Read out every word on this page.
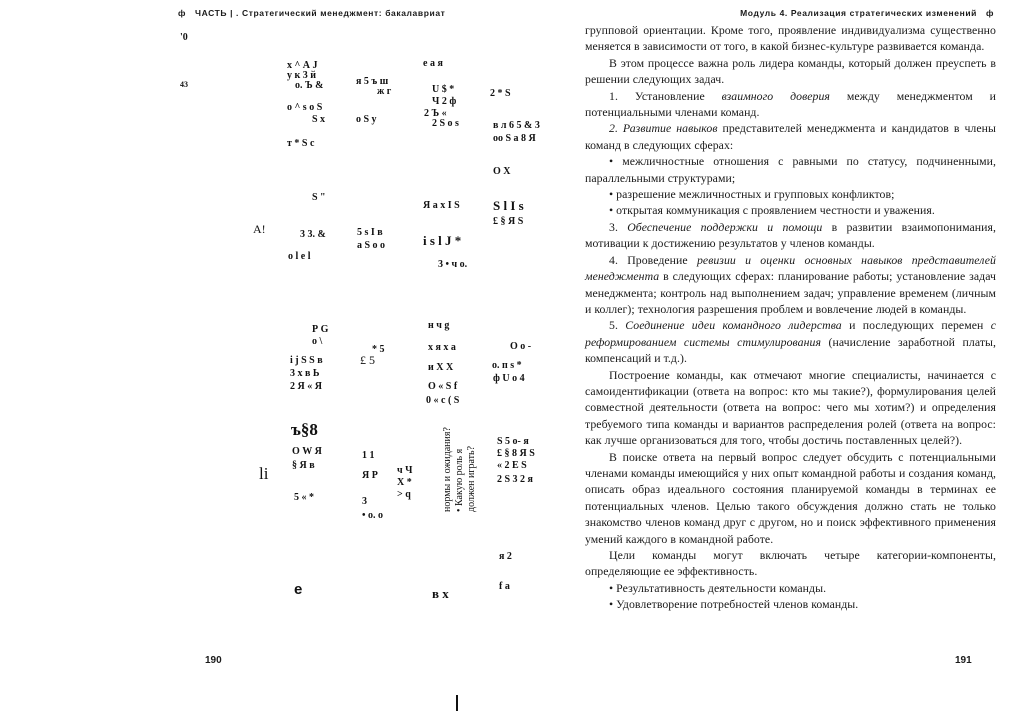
ф ЧАСТЬ | . Стратегический менеджмент: бакалавриат
'0
43
х ^ А J
у к 3 й
о. Ъ &	я 5 ъ ш
ж г
е а я
U $ *
Ч 2 ф
2 Ъ «
2 * S
о ^ s о S
S х	о S у
т * S с
2 S о s	в л 6 5 & 3
оо S а 8 Я
О Х
S "
Я а х I S	S l I s
£ § Я S
А!	3 3. &	5 s I в
а S о о	i s l J *
о l е l
3 • ч о.
Р G
о \
i j S S в
3 х в Ь
2 Я « Я
* 5
£ 5
н ч g
х я х а
и Х Х
О « S f
0 « с ( S
О о -
о. п s *
ф U о 4
ъ§8
О W Я
§ Я в
1 1
Я Р ч Ч
Х *
> q
3
• о. о
li
5 « *	нормы и ожидания? • Какую роль я должен играть?
S 5 о- я
£ § 8 Я S
« 2 Е S
2 S 3 2 я
я 2
f а
е	в х
190
Модуль 4. Реализация стратегических изменений ф

групповой ориентации. Кроме того, проявление индивидуализма существенно меняется в зависимости от того, в какой бизнес-культуре развивается команда.

В этом процессе важна роль лидера команды, который должен преуспеть в решении следующих задач.

1. Установление взаимного доверия между менеджментом и потенциальными членами команд.

2. Развитие навыков представителей менеджмента и кандидатов в члены команд в следующих сферах:

• межличностные отношения с равными по статусу, подчиненными, параллельными структурами;

• разрешение межличностных и групповых конфликтов;

• открытая коммуникация с проявлением честности и уважения.

3. Обеспечение поддержки и помощи в развитии взаимопонимания, мотивации к достижению результатов у членов команды.

4. Проведение ревизии и оценки основных навыков представителей менеджмента в следующих сферах: планирование работы; установление задач менеджмента; контроль над выполнением задач; управление временем (личным и коллег); технология разрешения проблем и вовлечение людей в команды.

5. Соединение идеи командного лидерства и последующих перемен с реформированием системы стимулирования (начисление заработной платы, компенсаций и т.д.).

Построение команды, как отмечают многие специалисты, начинается с самоидентификации (ответа на вопрос: кто мы такие?), формулирования целей совместной деятельности (ответа на вопрос: чего мы хотим?) и определения требуемого типа команды и вариантов распределения ролей (ответа на вопрос: как лучше организоваться для того, чтобы достичь поставленных целей?).

В поиске ответа на первый вопрос следует обсудить с потенциальными членами команды имеющийся у них опыт командной работы и создания команд, описать образ идеального состояния планируемой команды в терминах ее потенциальных членов. Целью такого обсуждения должно стать не только знакомство членов команд друг с другом, но и поиск эффективного применения умений каждого в командной работе.

Цели команды могут включать четыре категории-компоненты, определяющие ее эффективность.

• Результативность деятельности команды.

• Удовлетворение потребностей членов команды.

191
